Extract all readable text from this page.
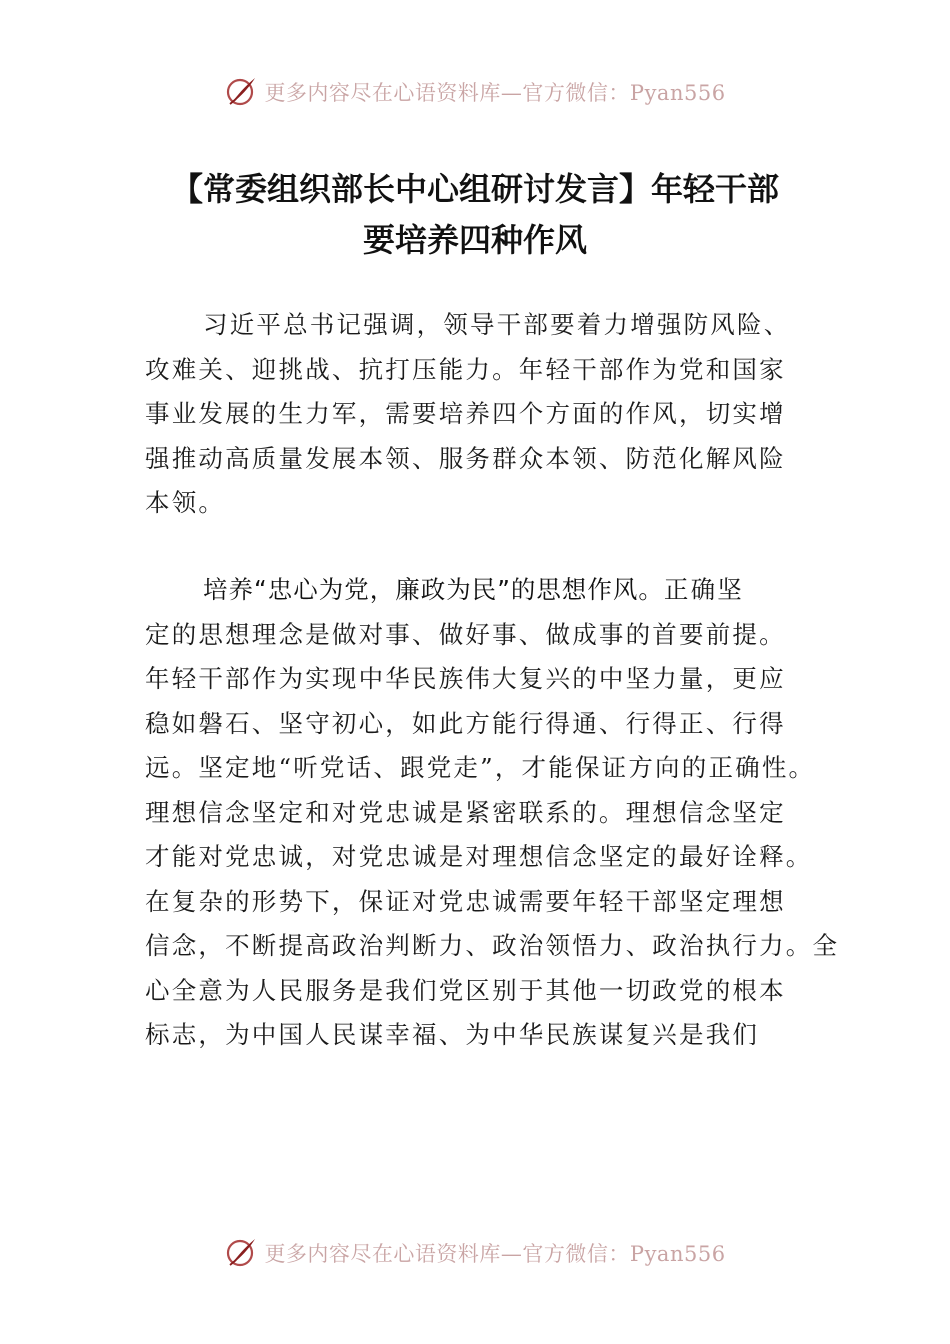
更多内容尽在心语资料库—官方微信：Pyan556
【常委组织部长中心组研讨发言】年轻干部
要培养四种作风
习近平总书记强调，领导干部要着力增强防风险、
攻难关、迎挑战、抗打压能力。年轻干部作为党和国家
事业发展的生力军，需要培养四个方面的作风，切实增
强推动高质量发展本领、服务群众本领、防范化解风险
本领。
培养“忠心为党，廉政为民”的思想作风。正确坚
定的思想理念是做对事、做好事、做成事的首要前提。
年轻干部作为实现中华民族伟大复兴的中坚力量，更应
稳如磐石、坚守初心，如此方能行得通、行得正、行得
远。坚定地“听党话、跟党走”，才能保证方向的正确性。
理想信念坚定和对党忠诚是紧密联系的。理想信念坚定
才能对党忠诚，对党忠诚是对理想信念坚定的最好诠释。
在复杂的形势下，保证对党忠诚需要年轻干部坚定理想
信念，不断提高政治判断力、政治领悟力、政治执行力。全
心全意为人民服务是我们党区别于其他一切政党的根本
标志，为中国人民谋幸福、为中华民族谋复兴是我们
更多内容尽在心语资料库—官方微信：Pyan556
